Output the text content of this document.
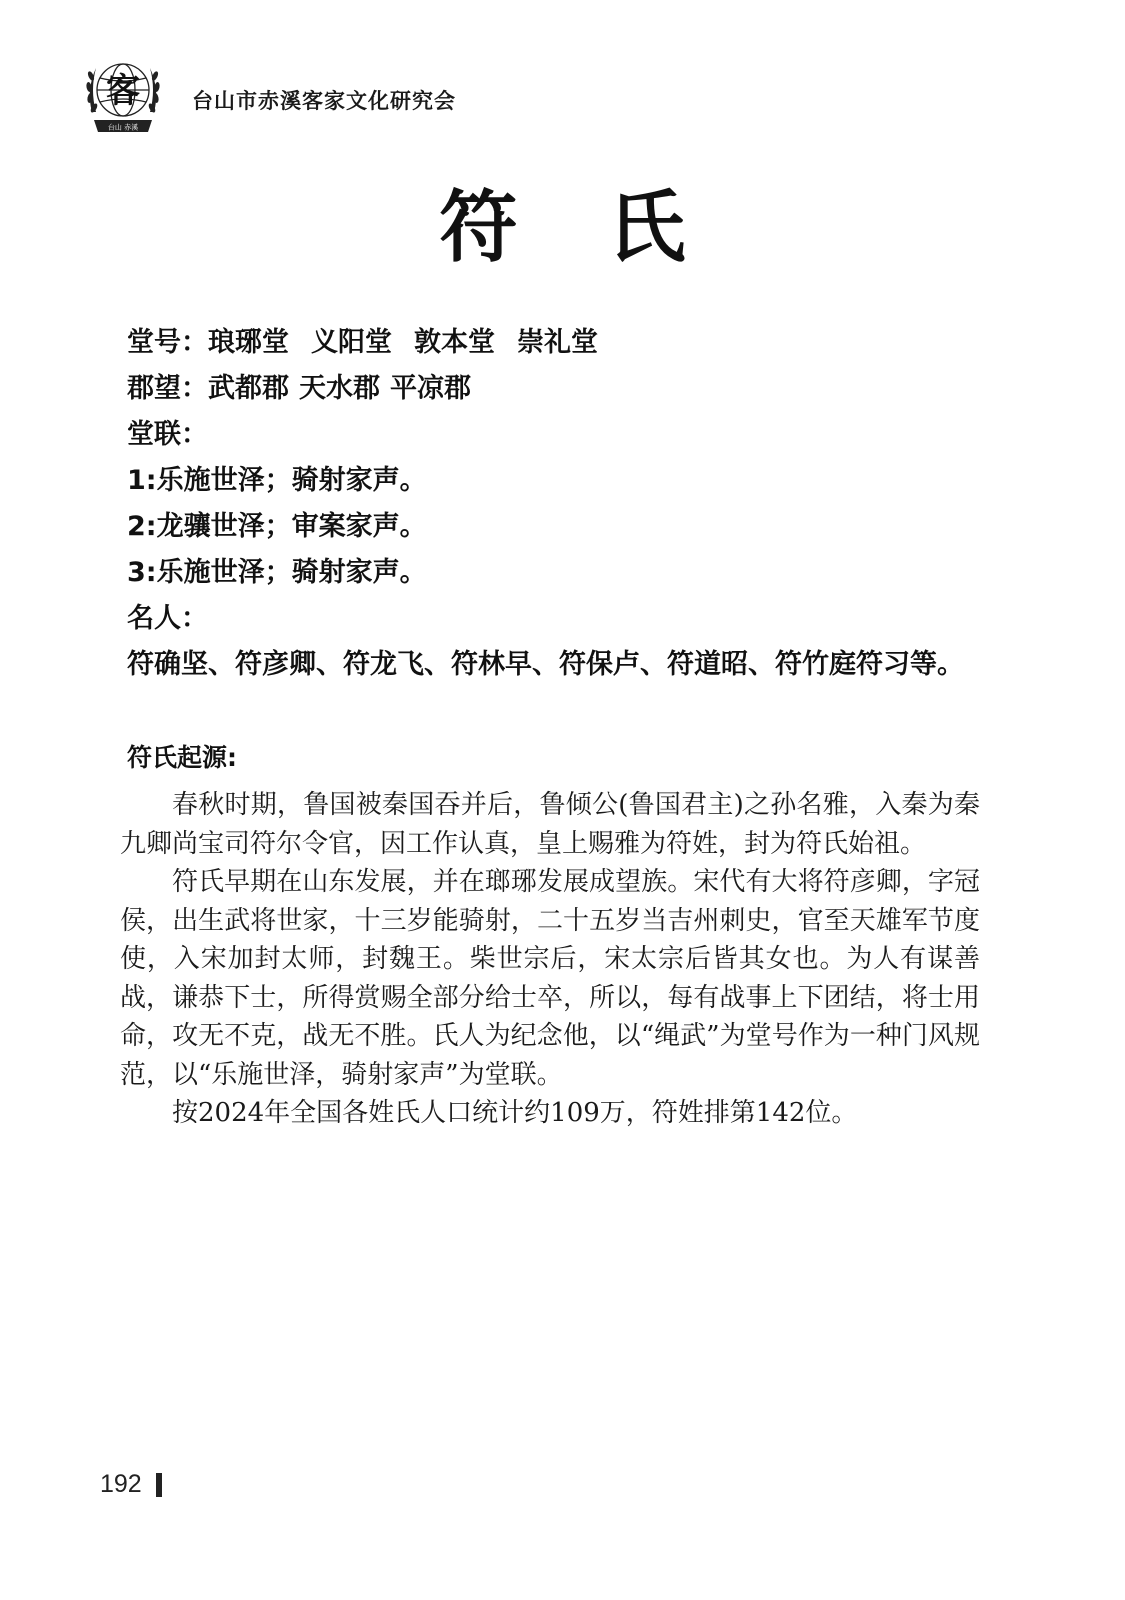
客
台山 赤溪
台山市赤溪客家文化研究会
符氏
堂号：琅琊堂 义阳堂 敦本堂 崇礼堂
郡望：武都郡 天水郡 平凉郡
堂联：
1:乐施世泽；骑射家声。
2:龙骧世泽；审案家声。
3:乐施世泽；骑射家声。
名人：
符确坚、符彦卿、符龙飞、符林早、符保卢、符道昭、符竹庭符习等。
符氏起源:

春秋时期，鲁国被秦国吞并后，鲁倾公(鲁国君主)之孙名雅，入秦为秦九卿尚宝司符尔令官，因工作认真，皇上赐雅为符姓，封为符氏始祖。

符氏早期在山东发展，并在瑯琊发展成望族。宋代有大将符彦卿，字冠侯，出生武将世家，十三岁能骑射，二十五岁当吉州刺史，官至天雄军节度使，入宋加封太师，封魏王。柴世宗后，宋太宗后皆其女也。为人有谋善战，谦恭下士，所得赏赐全部分给士卒，所以，每有战事上下团结，将士用命，攻无不克，战无不胜。氏人为纪念他，以“绳武”为堂号作为一种门风规范，以“乐施世泽，骑射家声”为堂联。

按2024年全国各姓氏人口统计约109万，符姓排第142位。

192
